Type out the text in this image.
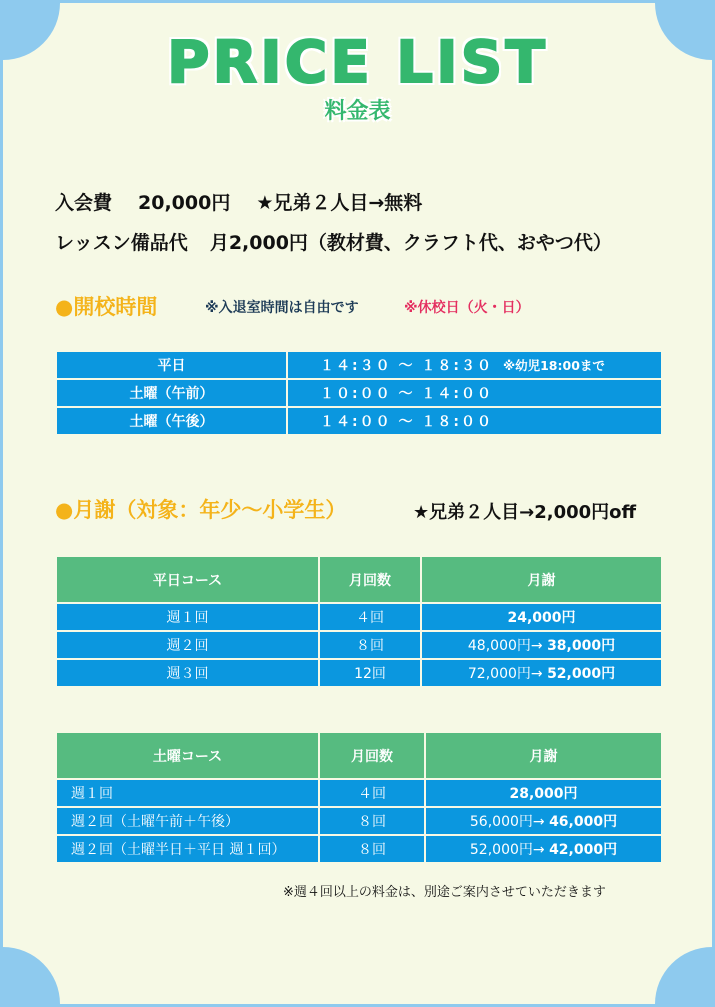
PRICE LIST
料金表
入会費 20,000円 ★兄弟２人目→無料
レッスン備品代 月2,000円（教材費、クラフト代、おやつ代）
●開校時間	※入退室時間は自由です	※休校日（火・日）
平日	１４:３０ ～ １８:３０ ※幼児18:00まで
土曜（午前）	１０:００ ～ １４:００
土曜（午後）	１４:００ ～ １８:００
●月謝（対象：年少～小学生）	★兄弟２人目→2,000円off
平日コース	月回数	月謝
週１回	４回	24,000円
週２回	８回	48,000円→ 38,000円
週３回	12回	72,000円→ 52,000円
土曜コース	月回数	月謝
週１回	４回	28,000円
週２回（土曜午前＋午後）	８回	56,000円→ 46,000円
週２回（土曜半日＋平日 週１回）	８回	52,000円→ 42,000円
※週４回以上の料金は、別途ご案内させていただきます
